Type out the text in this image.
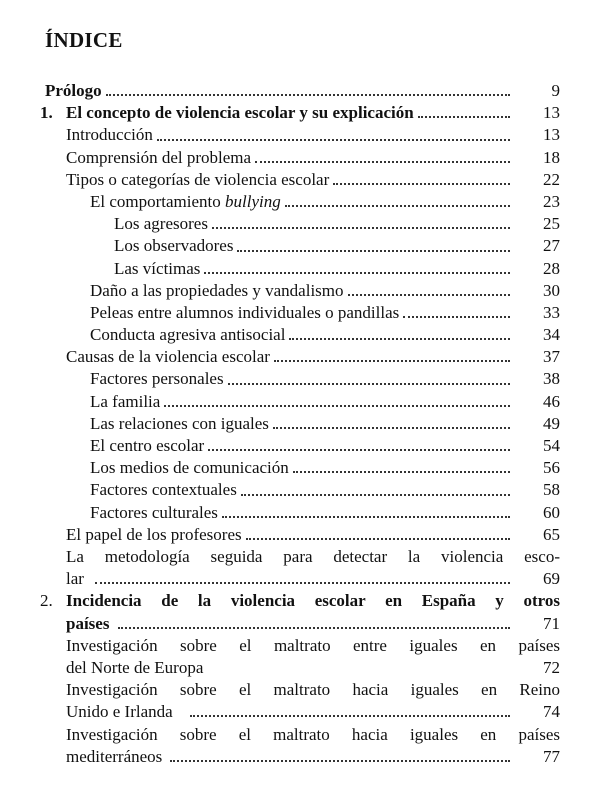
ÍNDICE
Prólogo	9
1. El concepto de violencia escolar y su explicación	13
Introducción	13
Comprensión del problema	18
Tipos o categorías de violencia escolar	22
El comportamiento bullying	23
Los agresores	25
Los observadores	27
Las víctimas	28
Daño a las propiedades y vandalismo	30
Peleas entre alumnos individuales o pandillas	33
Conducta agresiva antisocial	34
Causas de la violencia escolar	37
Factores personales	38
La familia	46
Las relaciones con iguales	49
El centro escolar	54
Los medios de comunicación	56
Factores contextuales	58
Factores culturales	60
El papel de los profesores	65
La metodología seguida para detectar la violencia esco-
lar	69
2. Incidencia de la violencia escolar en España y otros
países	71
Investigación sobre el maltrato entre iguales en países
del Norte de Europa	72
Investigación sobre el maltrato hacia iguales en Reino
Unido e Irlanda	74
Investigación sobre el maltrato hacia iguales en países
mediterráneos	77
